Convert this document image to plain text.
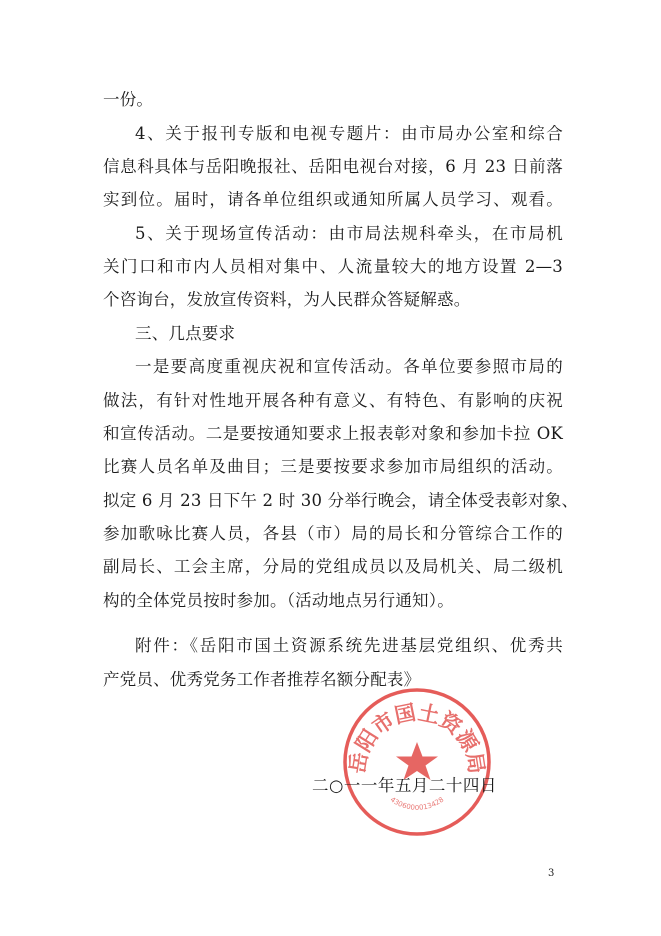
一份。
4、关于报刊专版和电视专题片：由市局办公室和综合
信息科具体与岳阳晚报社、岳阳电视台对接，6 月 23 日前落
实到位。届时，请各单位组织或通知所属人员学习、观看。
5、关于现场宣传活动：由市局法规科牵头，在市局机
关门口和市内人员相对集中、人流量较大的地方设置 2—3
个咨询台，发放宣传资料，为人民群众答疑解惑。
三、几点要求
一是要高度重视庆祝和宣传活动。各单位要参照市局的
做法，有针对性地开展各种有意义、有特色、有影响的庆祝
和宣传活动。二是要按通知要求上报表彰对象和参加卡拉 OK
比赛人员名单及曲目；三是要按要求参加市局组织的活动。
拟定 6 月 23 日下午 2 时 30 分举行晚会，请全体受表彰对象、
参加歌咏比赛人员，各县（市）局的局长和分管综合工作的
副局长、工会主席，分局的党组成员以及局机关、局二级机
构的全体党员按时参加。（活动地点另行通知）。
附件：《岳阳市国土资源系统先进基层党组织、优秀共
产党员、优秀党务工作者推荐名额分配表》
岳阳市国土资源局
4306000013428
二○一一年五月二十四日
3
